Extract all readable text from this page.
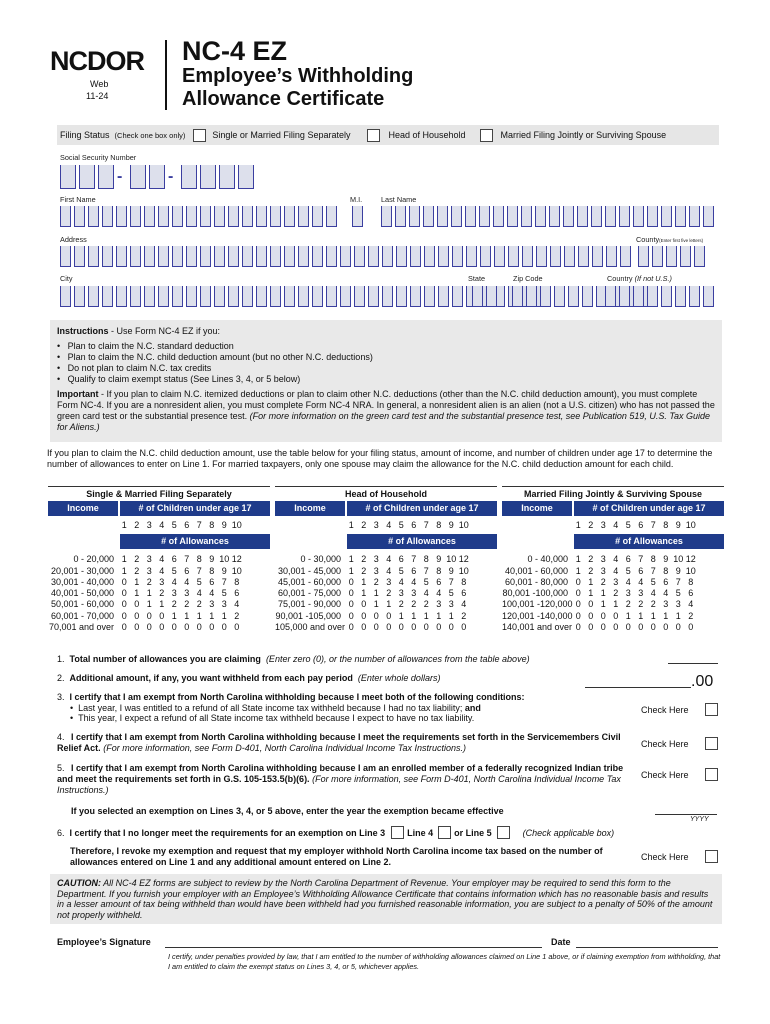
NCDOR
Web
11-24
NC-4 EZ
Employee’s Withholding
Allowance Certificate
Filing Status (Check one box only)	Single or Married Filing Separately	Head of Household	Married Filing Jointly or Surviving Spouse
Social Security Number
-	-
First Name	M.I.	Last Name
Address	County(Enter first five letters)
City	State	Zip Code	Country (If not U.S.)
Instructions - Use Form NC-4 EZ if you:
•   Plan to claim the N.C. standard deduction
•   Plan to claim the N.C. child deduction amount (but no other N.C. deductions)
•   Do not plan to claim N.C. tax credits
•   Qualify to claim exempt status (See Lines 3, 4, or 5 below)
Important - If you plan to claim N.C. itemized deductions or plan to claim other N.C. deductions (other than the N.C. child deduction amount), you must complete Form NC-4. If you are a nonresident alien, you must complete Form NC-4 NRA. In general, a nonresident alien is an alien (not a U.S. citizen) who has not passed the green card test or the substantial presence test. (For more information on the green card test and the substantial presence test, see Publication 519, U.S. Tax Guide for Aliens.)
If you plan to claim the N.C. child deduction amount, use the table below for your filing status, amount of income, and number of children under age 17 to determine the number of allowances to enter on Line 1. For married taxpayers, only one spouse may claim the allowance for the N.C. child deduction amount for each child.
Single & Married Filing Separately
Income	# of Children under age 17
1 2 3 4 5 6 7 8 9 10
# of Allowances
0 - 20,000 1 2 3 4 6 7 8 9 10 12
20,001 - 30,000 1 2 3 4 5 6 7 8 9 10
30,001 - 40,000 0 1 2 3 4 4 5 6 7 8
40,001 - 50,000 0 1 1 2 3 3 4 4 5 6
50,001 - 60,000 0 0 1 1 2 2 2 3 3 4
60,001 - 70,000 0 0 0 0 1 1 1 1 1 2
70,001 and over 0 0 0 0 0 0 0 0 0 0
Head of Household
Income	# of Children under age 17
1 2 3 4 5 6 7 8 9 10
# of Allowances
0 - 30,000 1 2 3 4 6 7 8 9 10 12
30,001 - 45,000 1 2 3 4 5 6 7 8 9 10
45,001 - 60,000 0 1 2 3 4 4 5 6 7 8
60,001 - 75,000 0 1 1 2 3 3 4 4 5 6
75,001 - 90,000 0 0 1 1 2 2 2 3 3 4
90,001 -105,000 0 0 0 0 1 1 1 1 1 2
105,000 and over 0 0 0 0 0 0 0 0 0 0
Married Filing Jointly & Surviving Spouse
Income	# of Children under age 17
1 2 3 4 5 6 7 8 9 10
# of Allowances
0 - 40,000 1 2 3 4 6 7 8 9 10 12
40,001 - 60,000 1 2 3 4 5 6 7 8 9 10
60,001 - 80,000 0 1 2 3 4 4 5 6 7 8
80,001 -100,000 0 1 1 2 3 3 4 4 5 6
100,001 -120,000 0 0 1 1 2 2 2 3 3 4
120,001 -140,000 0 0 0 0 1 1 1 1 1 2
140,001 and over 0 0 0 0 0 0 0 0 0 0
1. Total number of allowances you are claiming (Enter zero (0), or the number of allowances from the table above)
2. Additional amount, if any, you want withheld from each pay period (Enter whole dollars)	.00
3. I certify that I am exempt from North Carolina withholding because I meet both of the following conditions:
•  Last year, I was entitled to a refund of all State income tax withheld because I had no tax liability; and
•  This year, I expect a refund of all State income tax withheld because I expect to have no tax liability.
Check Here
4. I certify that I am exempt from North Carolina withholding because I meet the requirements set forth in the Servicemembers Civil Relief Act. (For more information, see Form D-401, North Carolina Individual Income Tax Instructions.)	Check Here
5. I certify that I am exempt from North Carolina withholding because I am an enrolled member of a federally recognized Indian tribe and meet the requirements set forth in G.S. 105-153.5(b)(6). (For more information, see Form D-401, North Carolina Individual Income Tax Instructions.)
Check Here
If you selected an exemption on Lines 3, 4, or 5 above, enter the year the exemption became effective
YYYY
6.
I certify that I no longer meet the requirements for an exemption on Line 3 Line 4 or Line 5	(Check applicable box)
Therefore, I revoke my exemption and request that my employer withhold North Carolina income tax based on the number of allowances entered on Line 1 and any additional amount entered on Line 2.	Check Here
CAUTION: All NC-4 EZ forms are subject to review by the North Carolina Department of Revenue. Your employer may be required to send this form to the Department. If you furnish your employer with an Employee’s Withholding Allowance Certificate that contains information which has no reasonable basis and results in a lesser amount of tax being withheld than would have been withheld had you furnished reasonable information, you are subject to a penalty of 50% of the amount not properly withheld.
Employee’s Signature	Date
I certify, under penalties provided by law, that I am entitled to the number of withholding allowances claimed on Line 1 above, or if claiming exemption from withholding, that I am entitled to claim the exempt status on Lines 3, 4, or 5, whichever applies.
